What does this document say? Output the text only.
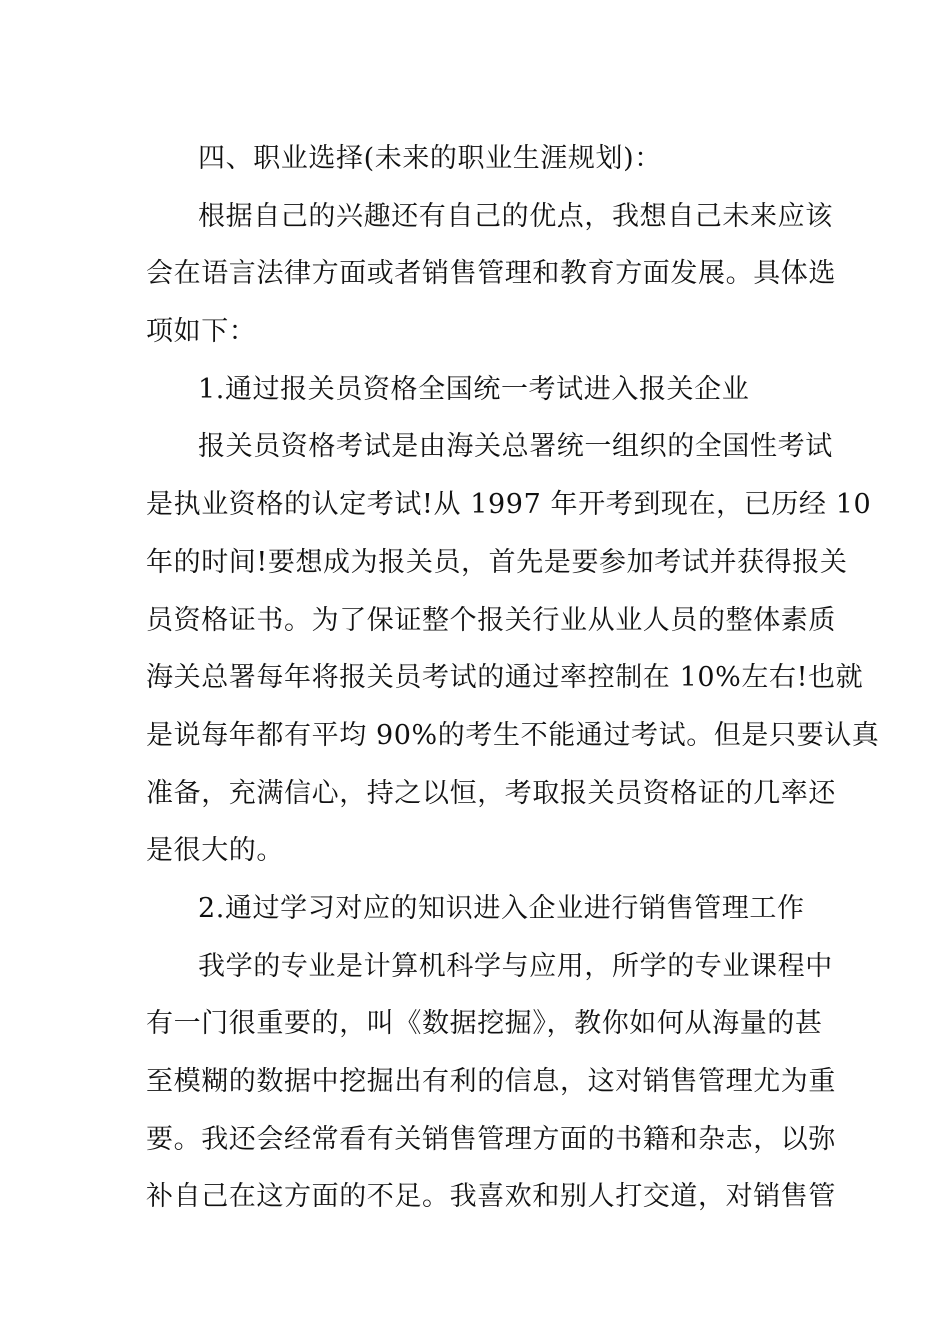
四、职业选择(未来的职业生涯规划)：
根据自己的兴趣还有自己的优点，我想自己未来应该
会在语言法律方面或者销售管理和教育方面发展。具体选
项如下：
1.通过报关员资格全国统一考试进入报关企业
报关员资格考试是由海关总署统一组织的全国性考试
是执业资格的认定考试!从 1997 年开考到现在，已历经 10
年的时间!要想成为报关员，首先是要参加考试并获得报关
员资格证书。为了保证整个报关行业从业人员的整体素质
海关总署每年将报关员考试的通过率控制在 10%左右!也就
是说每年都有平均 90%的考生不能通过考试。但是只要认真
准备，充满信心，持之以恒，考取报关员资格证的几率还
是很大的。
2.通过学习对应的知识进入企业进行销售管理工作
我学的专业是计算机科学与应用，所学的专业课程中
有一门很重要的，叫《数据挖掘》，教你如何从海量的甚
至模糊的数据中挖掘出有利的信息，这对销售管理尤为重
要。我还会经常看有关销售管理方面的书籍和杂志，以弥
补自己在这方面的不足。我喜欢和别人打交道，对销售管
